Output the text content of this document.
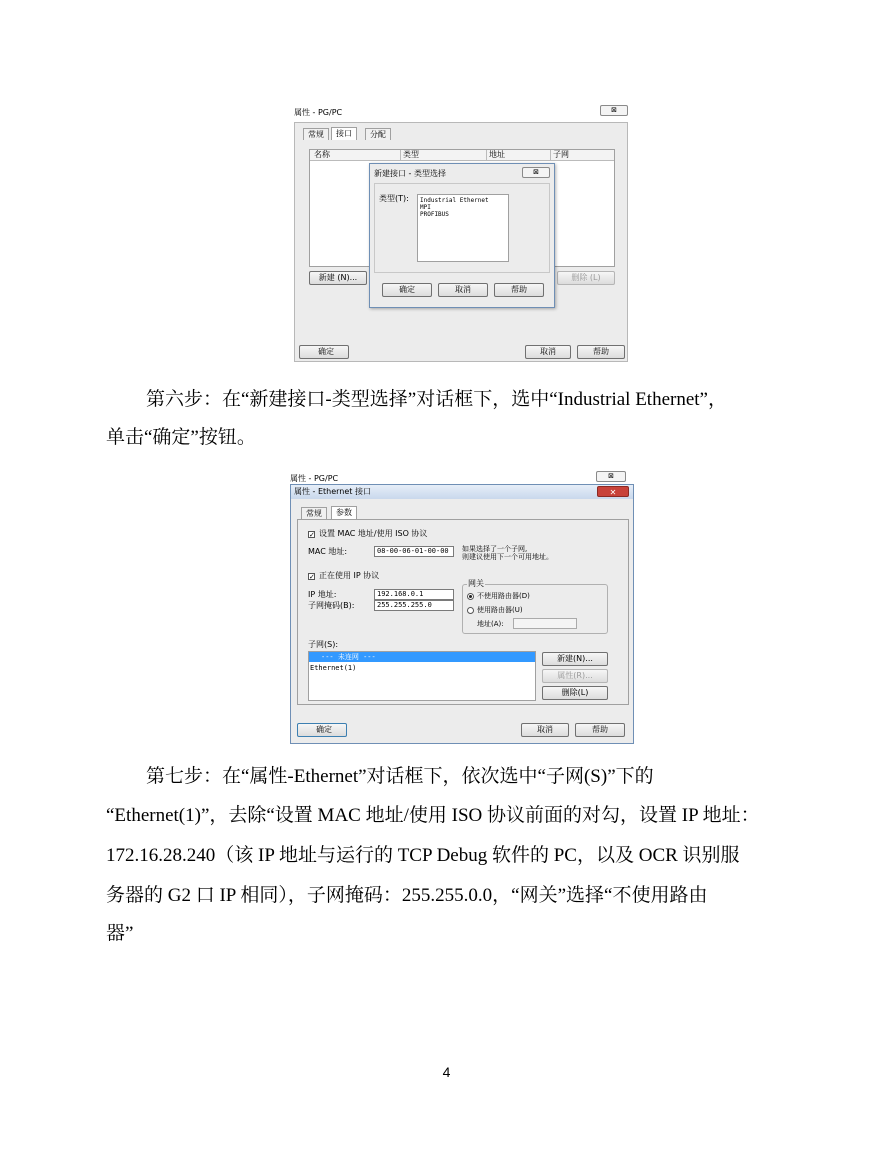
属性 - PG/PC	⊠
常规	接口	分配
名称	类型	地址	子网
新建 (N)...	删除 (L)
确定	取消	帮助
新建接口 - 类型选择	⊠
类型(T): Industrial Ethernet
MPI
PROFIBUS
确定	取消	帮助

第六步：在“新建接口-类型选择”对话框下，选中“Industrial Ethernet”，

单击“确定”按钮。

属性 - PG/PC	⊠
属性 - Ethernet 接口	✕
常规	参数
✓ 设置 MAC 地址/使用 ISO 协议
MAC 地址:	08-00-06-01-00-00	如果选择了一个子网,
则建议使用下一个可用地址。
✓ 正在使用 IP 协议
IP 地址:	192.168.0.1
子网掩码(B):	255.255.255.0
网关
不使用路由器(D)
使用路由器(U)
地址(A):
子网(S):
--- 未连网 ---
Ethernet(1)
新建(N)...
属性(R)...
删除(L)
确定	取消	帮助

第七步：在“属性-Ethernet”对话框下，依次选中“子网(S)”下的

“Ethernet(1)”，去除“设置 MAC 地址/使用 ISO 协议前面的对勾，设置 IP 地址：

172.16.28.240（该 IP 地址与运行的 TCP Debug 软件的 PC，以及 OCR 识别服

务器的 G2 口 IP 相同），子网掩码：255.255.0.0，“网关”选择“不使用路由

器”

4
